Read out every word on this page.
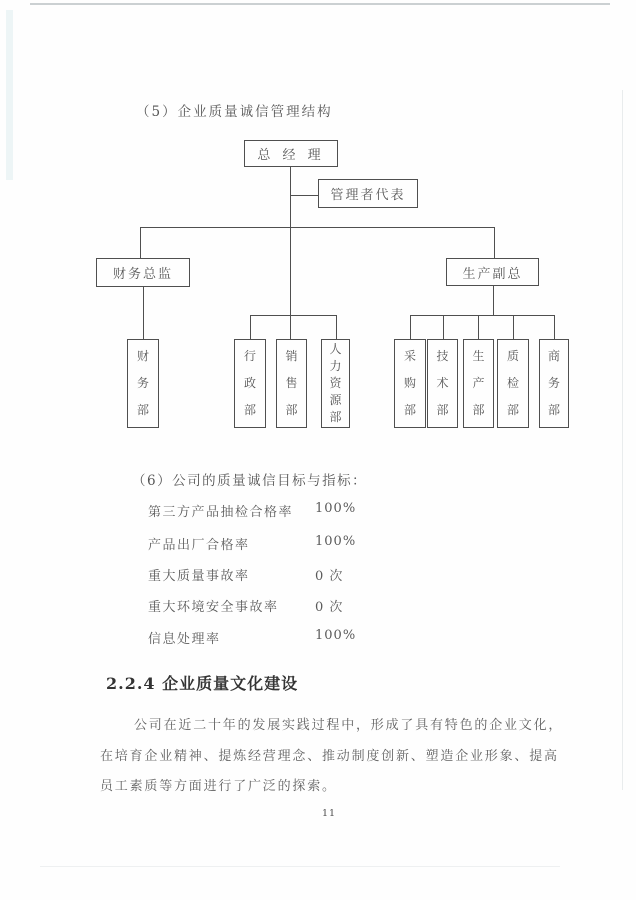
（5）企业质量诚信管理结构
总 经 理
管理者代表
财务总监	生产副总
财务部
行政部
销售部
人力资源部
采购部
技术部
生产部
质检部
商务部
（6）公司的质量诚信目标与指标：
第三方产品抽检合格率 100%
产品出厂合格率	100%
重大质量事故率	0 次
重大环境安全事故率	0 次
信息处理率	100%
2.2.4 企业质量文化建设
公司在近二十年的发展实践过程中，形成了具有特色的企业文化，
在培育企业精神、提炼经营理念、推动制度创新、塑造企业形象、提高
员工素质等方面进行了广泛的探索。
11
